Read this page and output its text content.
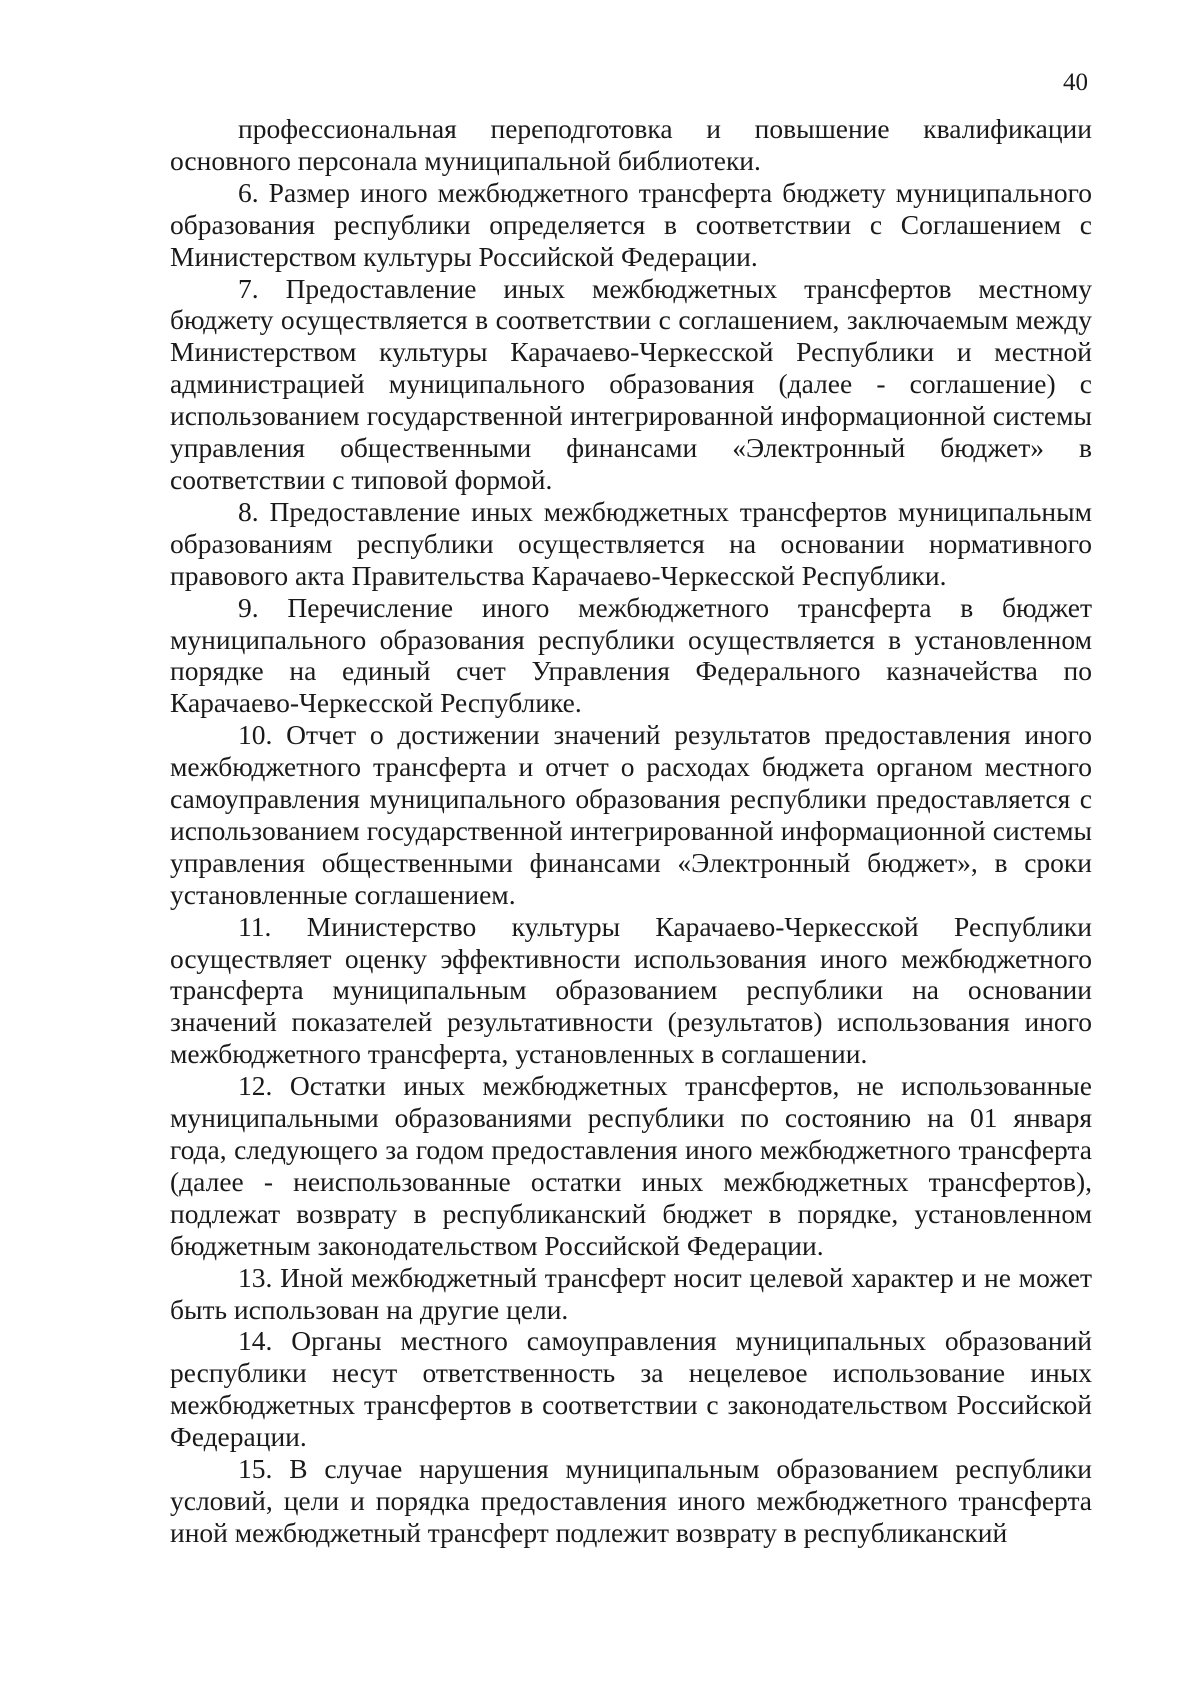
40

профессиональная переподготовка и повышение квалификации основного персонала муниципальной библиотеки.

6. Размер иного межбюджетного трансферта бюджету муниципального образования республики определяется в соответствии с Соглашением с Министерством культуры Российской Федерации.

7. Предоставление иных межбюджетных трансфертов местному бюджету осуществляется в соответствии с соглашением, заключаемым между Министерством культуры Карачаево-Черкесской Республики и местной администрацией муниципального образования (далее - соглашение) с использованием государственной интегрированной информационной системы управления общественными финансами «Электронный бюджет» в соответствии с типовой формой.

8. Предоставление иных межбюджетных трансфертов муниципальным образованиям республики осуществляется на основании нормативного правового акта Правительства Карачаево-Черкесской Республики.

9. Перечисление иного межбюджетного трансферта в бюджет муниципального образования республики осуществляется в установленном порядке на единый счет Управления Федерального казначейства по Карачаево-Черкесской Республике.

10. Отчет о достижении значений результатов предоставления иного межбюджетного трансферта и отчет о расходах бюджета органом местного самоуправления муниципального образования республики предоставляется с использованием государственной интегрированной информационной системы управления общественными финансами «Электронный бюджет», в сроки установленные соглашением.

11. Министерство культуры Карачаево-Черкесской Республики осуществляет оценку эффективности использования иного межбюджетного трансферта муниципальным образованием республики на основании значений показателей результативности (результатов) использования иного межбюджетного трансферта, установленных в соглашении.

12. Остатки иных межбюджетных трансфертов, не использованные муниципальными образованиями республики по состоянию на 01 января года, следующего за годом предоставления иного межбюджетного трансферта (далее - неиспользованные остатки иных межбюджетных трансфертов), подлежат возврату в республиканский бюджет в порядке, установленном бюджетным законодательством Российской Федерации.

13. Иной межбюджетный трансферт носит целевой характер и не может быть использован на другие цели.

14. Органы местного самоуправления муниципальных образований республики несут ответственность за нецелевое использование иных межбюджетных трансфертов в соответствии с законодательством Российской Федерации.

15. В случае нарушения муниципальным образованием республики условий, цели и порядка предоставления иного межбюджетного трансферта иной межбюджетный трансферт подлежит возврату в республиканский
